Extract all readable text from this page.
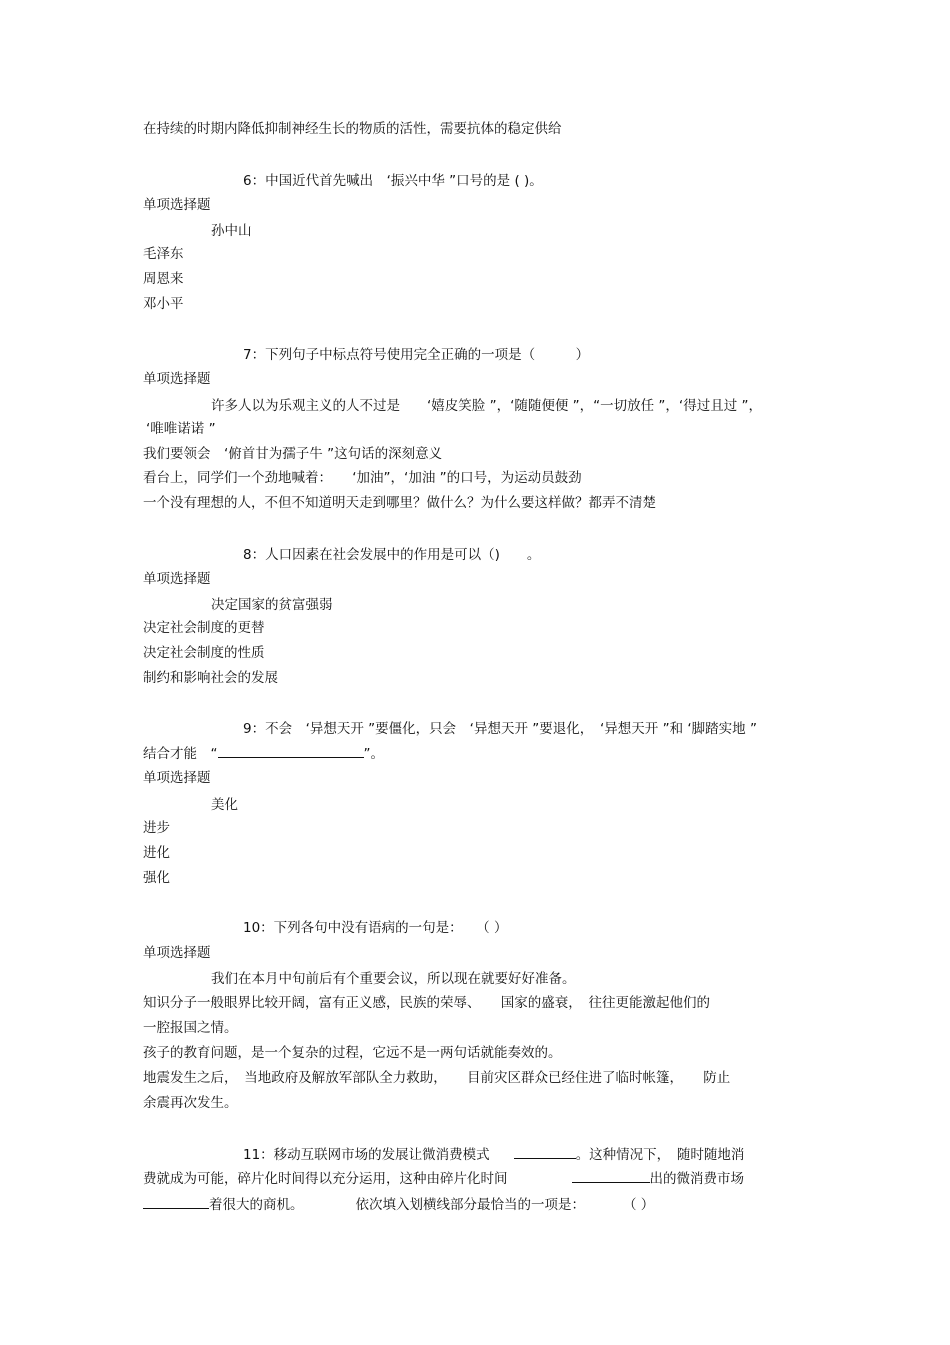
在持续的时期内降低抑制神经生长的物质的活性，需要抗体的稳定供给
6：中国近代首先喊出　‘振兴中华 ”口号的是 ( )。
单项选择题
孙中山
毛泽东
周恩来
邓小平
7：下列句子中标点符号使用完全正确的一项是（　　　）
单项选择题
许多人以为乐观主义的人不过是　　‘嬉皮笑脸 ”，‘随随便便 ”，“一切放任 ”，‘得过且过 ”，
‘唯唯诺诺 ”
我们要领会　‘俯首甘为孺子牛 ”这句话的深刻意义
看台上，同学们一个劲地喊着：　　‘加油”，‘加油 ”的口号，为运动员鼓劲
一个没有理想的人，不但不知道明天走到哪里？做什么？为什么要这样做？都弄不清楚
8：人口因素在社会发展中的作用是可以（)　　。
单项选择题
决定国家的贫富强弱
决定社会制度的更替
决定社会制度的性质
制约和影响社会的发展
9：不会　‘异想天开 ”要僵化，只会　‘异想天开 ”要退化，　‘异想天开 ”和 ‘脚踏实地 ”
结合才能　“	”。
单项选择题
美化
进步
进化
强化
10：下列各句中没有语病的一句是：　　（ ）
单项选择题
我们在本月中旬前后有个重要会议，所以现在就要好好准备。
知识分子一般眼界比较开阔，富有正义感，民族的荣辱、　　国家的盛衰，　往往更能激起他们的
一腔报国之情。
孩子的教育问题，是一个复杂的过程，它远不是一两句话就能奏效的。
地震发生之后，　当地政府及解放军部队全力救助，　　目前灾区群众已经住进了临时帐篷，　　防止
余震再次发生。
11：移动互联网市场的发展让微消费模式	。这种情况下，　随时随地消
费就成为可能，碎片化时间得以充分运用，这种由碎片化时间	出的微消费市场
着很大的商机。	依次填入划横线部分最恰当的一项是：	（ ）
